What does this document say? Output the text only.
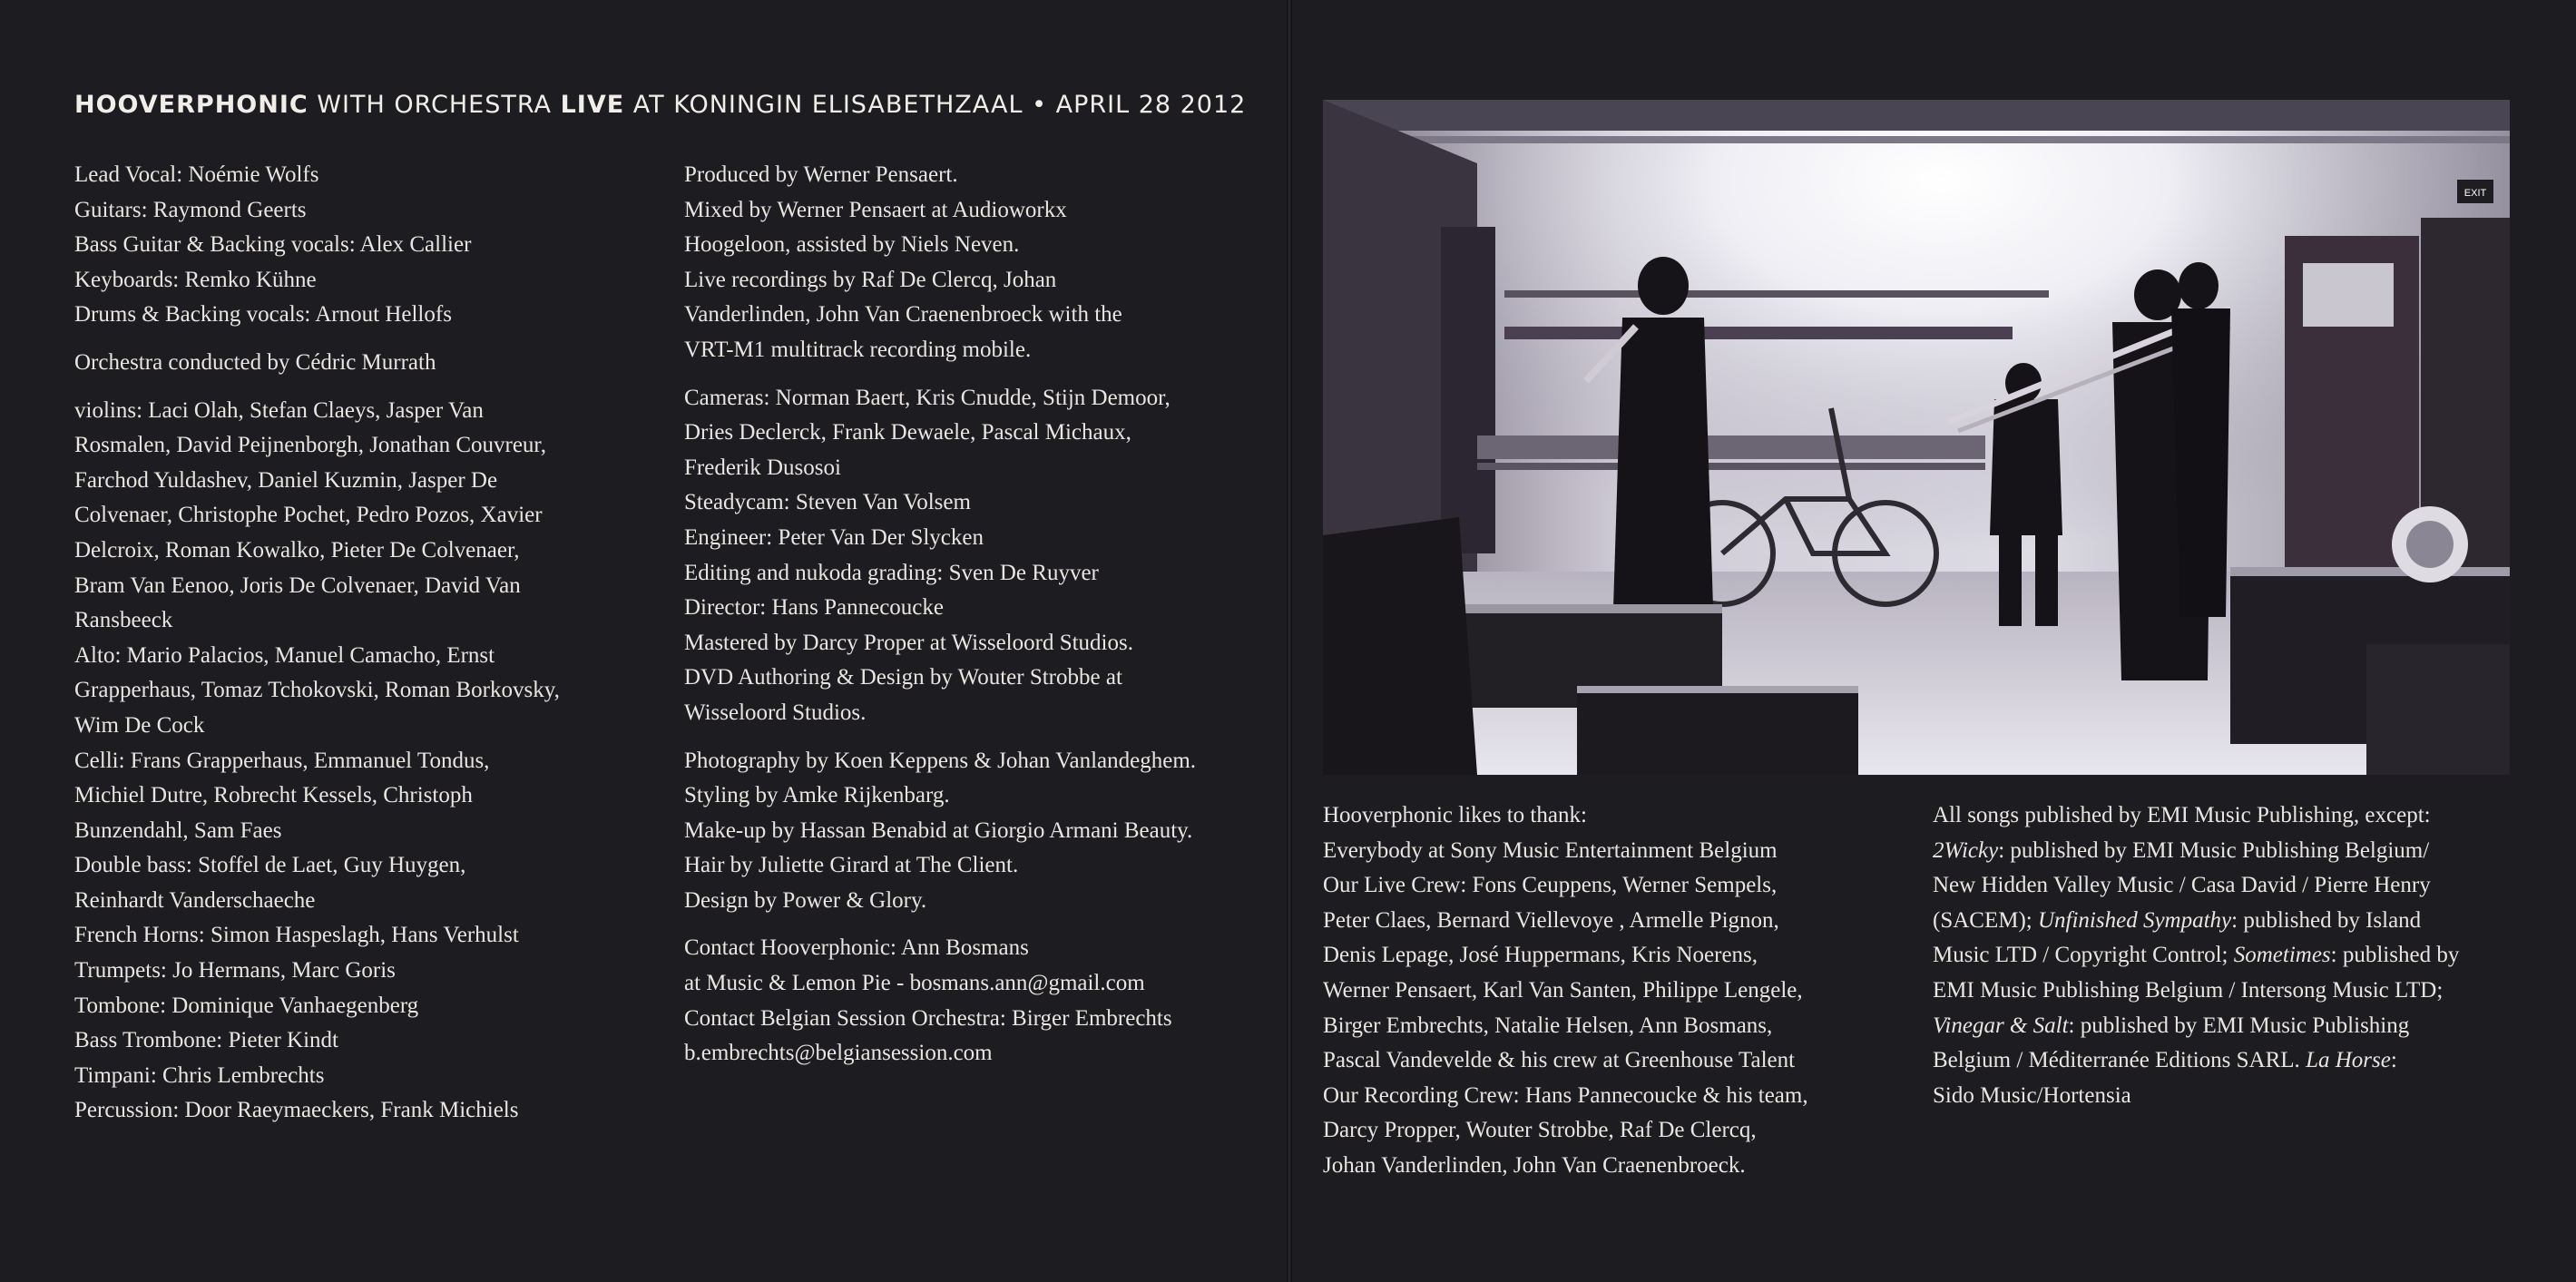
HOOVERPHONIC WITH ORCHESTRA LIVE AT KONINGIN ELISABETHZAAL • APRIL 28 2012

Lead Vocal: Noémie Wolfs
Guitars: Raymond Geerts
Bass Guitar & Backing vocals: Alex Callier
Keyboards: Remko Kühne
Drums & Backing vocals: Arnout Hellofs

Orchestra conducted by Cédric Murrath

violins: Laci Olah, Stefan Claeys, Jasper Van
Rosmalen, David Peijnenborgh, Jonathan Couvreur,
Farchod Yuldashev, Daniel Kuzmin, Jasper De
Colvenaer, Christophe Pochet, Pedro Pozos, Xavier
Delcroix, Roman Kowalko, Pieter De Colvenaer,
Bram Van Eenoo, Joris De Colvenaer, David Van
Ransbeeck
Alto: Mario Palacios, Manuel Camacho, Ernst
Grapperhaus, Tomaz Tchokovski, Roman Borkovsky,
Wim De Cock
Celli: Frans Grapperhaus, Emmanuel Tondus,
Michiel Dutre, Robrecht Kessels, Christoph
Bunzendahl, Sam Faes
Double bass: Stoffel de Laet, Guy Huygen,
Reinhardt Vanderschaeche
French Horns: Simon Haspeslagh, Hans Verhulst
Trumpets: Jo Hermans, Marc Goris
Tombone: Dominique Vanhaegenberg
Bass Trombone: Pieter Kindt
Timpani: Chris Lembrechts
Percussion: Door Raeymaeckers, Frank Michiels

Produced by Werner Pensaert.
Mixed by Werner Pensaert at Audioworkx
Hoogeloon, assisted by Niels Neven.
Live recordings by Raf De Clercq, Johan
Vanderlinden, John Van Craenenbroeck with the
VRT-M1 multitrack recording mobile.

Cameras: Norman Baert, Kris Cnudde, Stijn Demoor,
Dries Declerck, Frank Dewaele, Pascal Michaux,
Frederik Dusosoi
Steadycam: Steven Van Volsem
Engineer: Peter Van Der Slycken
Editing and nukoda grading: Sven De Ruyver
Director: Hans Pannecoucke
Mastered by Darcy Proper at Wisseloord Studios.
DVD Authoring & Design by Wouter Strobbe at
Wisseloord Studios.

Photography by Koen Keppens & Johan Vanlandeghem.
Styling by Amke Rijkenbarg.
Make-up by Hassan Benabid at Giorgio Armani Beauty.
Hair by Juliette Girard at The Client.
Design by Power & Glory.

Contact Hooverphonic: Ann Bosmans
at Music & Lemon Pie - bosmans.ann@gmail.com
Contact Belgian Session Orchestra: Birger Embrechts
b.embrechts@belgiansession.com

EXIT
Hooverphonic likes to thank:
Everybody at Sony Music Entertainment Belgium
Our Live Crew: Fons Ceuppens, Werner Sempels,
Peter Claes, Bernard Viellevoye , Armelle Pignon,
Denis Lepage, José Huppermans, Kris Noerens,
Werner Pensaert, Karl Van Santen, Philippe Lengele,
Birger Embrechts, Natalie Helsen, Ann Bosmans,
Pascal Vandevelde & his crew at Greenhouse Talent
Our Recording Crew: Hans Pannecoucke & his team,
Darcy Propper, Wouter Strobbe, Raf De Clercq,
Johan Vanderlinden, John Van Craenenbroeck.
All songs published by EMI Music Publishing, except:
2Wicky: published by EMI Music Publishing Belgium/
New Hidden Valley Music / Casa David / Pierre Henry
(SACEM); Unfinished Sympathy: published by Island
Music LTD / Copyright Control; Sometimes: published by
EMI Music Publishing Belgium / Intersong Music LTD;
Vinegar & Salt: published by EMI Music Publishing
Belgium / Méditerranée Editions SARL. La Horse:
Sido Music/Hortensia
